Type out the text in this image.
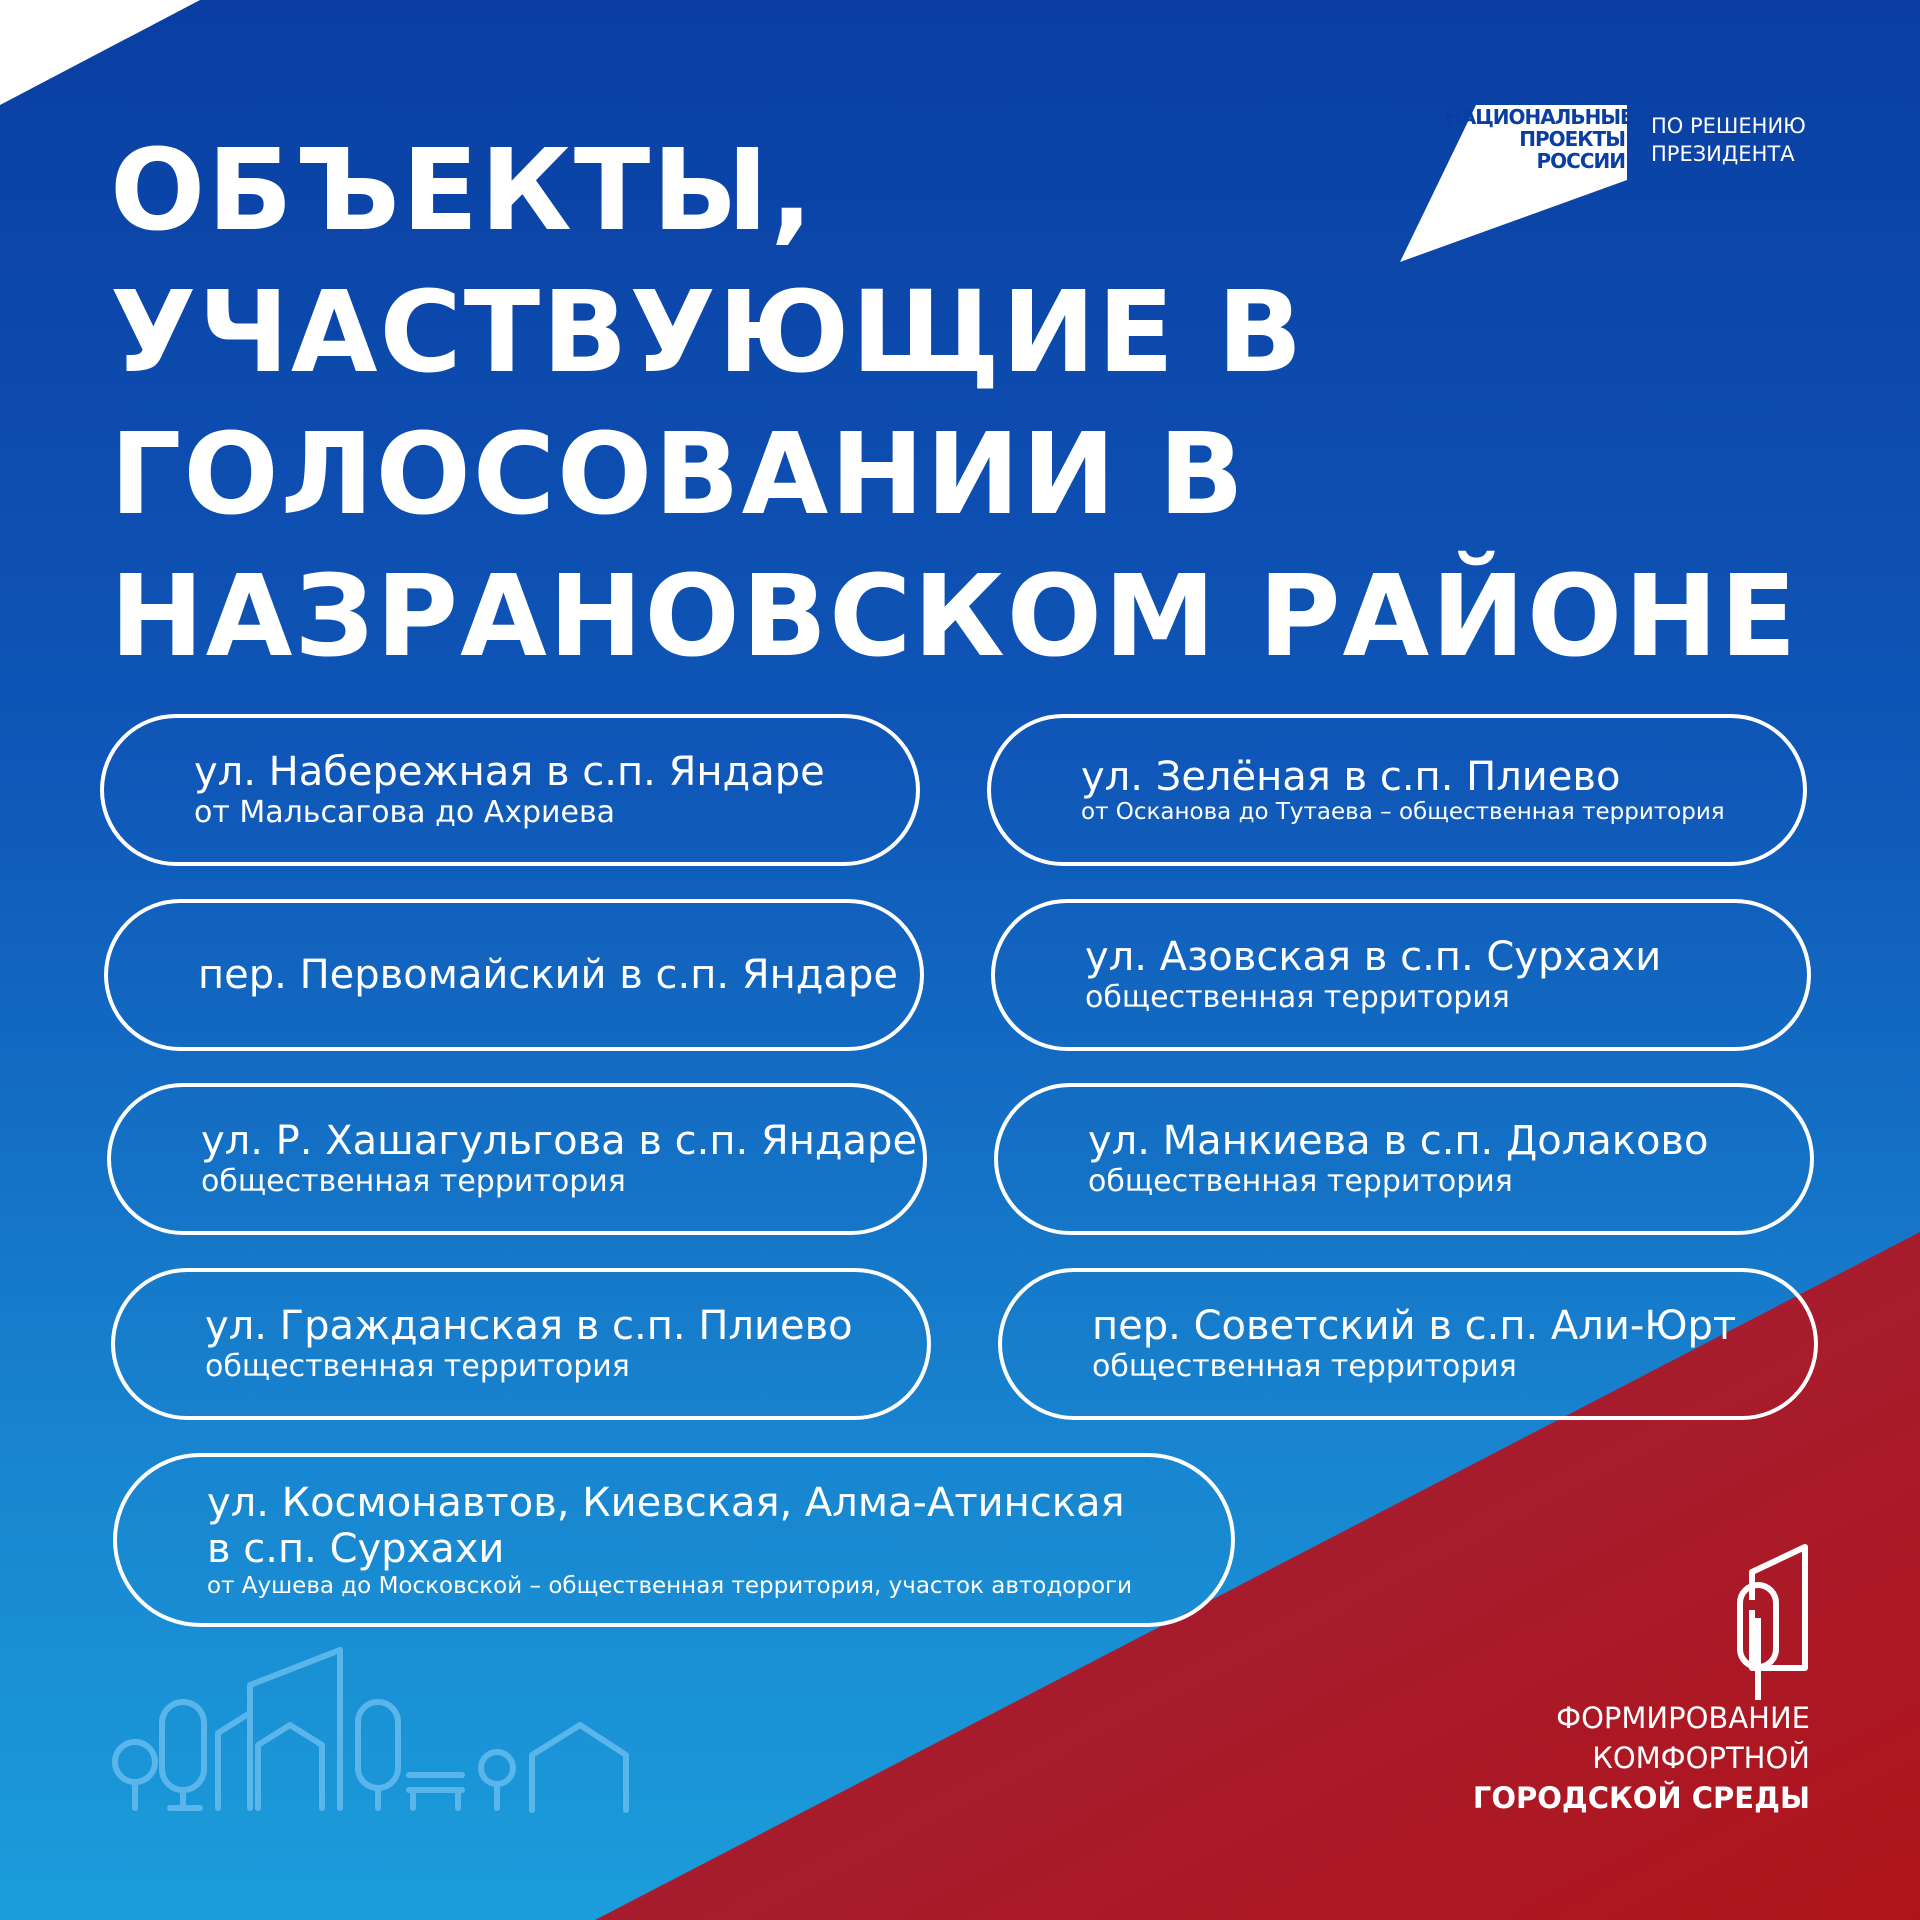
ОБЪЕКТЫ,
УЧАСТВУЮЩИЕ В
ГОЛОСОВАНИИ В
НАЗРАНОВСКОМ РАЙОНЕ
НАЦИОНАЛЬНЫЕ
ПРОЕКТЫ
РОССИИ
ПО РЕШЕНИЮ
ПРЕЗИДЕНТА
ул. Набережная в с.п. Яндаре
от Мальсагова до Ахриева
ул. Зелёная в с.п. Плиево
от Осканова до Тутаева – общественная территория
пер. Первомайский в с.п. Яндаре	ул. Азовская в с.п. Сурхахи
общественная территория
ул. Р. Хашагульгова в с.п. Яндаре
общественная территория
ул. Манкиева в с.п. Долаково
общественная территория
ул. Гражданская в с.п. Плиево
общественная территория
пер. Советский в с.п. Али-Юрт
общественная территория
ул. Космонавтов, Киевская, Алма-Атинская
в с.п. Сурхахи
от Аушева до Московской – общественная территория, участок автодороги
ФОРМИРОВАНИЕ
КОМФОРТНОЙ
ГОРОДСКОЙ СРЕДЫ
